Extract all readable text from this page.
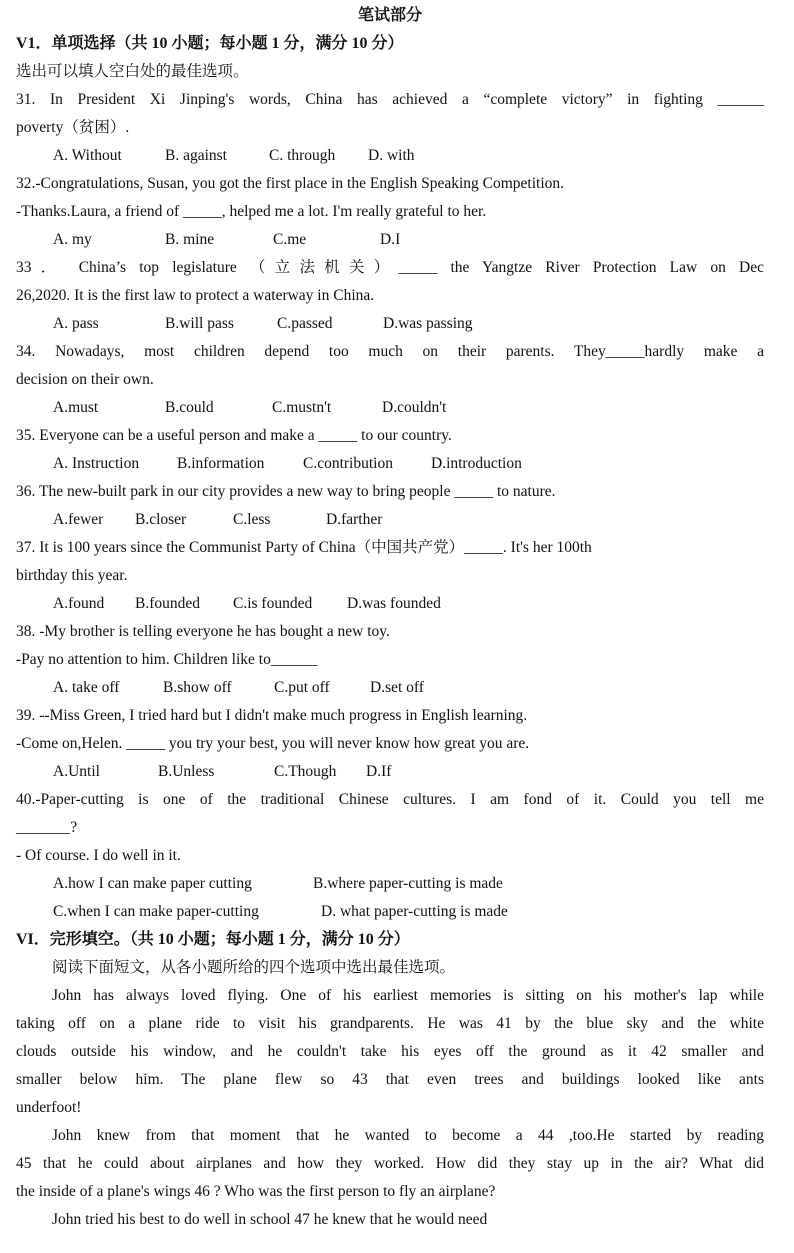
笔试部分
V1．单项选择（共 10 小题；每小题 1 分，满分 10 分）
选出可以填人空白处的最佳选项。
31. In President Xi Jinping's words, China has achieved a “complete victory” in fighting ______
poverty（贫困）.
A. Without	B. against	C. through D. with
32.-Congratulations, Susan, you got the first place in the English Speaking Competition.
-Thanks.Laura, a friend of _____, helped me a lot. I'm really grateful to her.
A. my	B. mine	C.me	D.I
33． China’s top legislature （立法机关）_____ the Yangtze River Protection Law on Dec
26,2020. It is the first law to protect a waterway in China.
A. pass	B.will pass	C.passed	D.was passing
34. Nowadays, most children depend too much on their parents. They_____hardly make a
decision on their own.
A.must	B.could	C.mustn't	D.couldn't
35. Everyone can be a useful person and make a _____ to our country.
A. Instruction B.information C.contribution D.introduction
36. The new-built park in our city provides a new way to bring people _____ to nature.
A.fewer B.closer	C.less	D.farther
37. It is 100 years since the Communist Party of China（中国共产党）_____. It's her 100th
birthday this year.
A.found B.founded C.is founded D.was founded
38. -My brother is telling everyone he has bought a new toy.
-Pay no attention to him. Children like to______
A. take off	B.show off	C.put off	D.set off
39. --Miss Green, I tried hard but I didn't make much progress in English learning.
-Come on,Helen. _____ you try your best, you will never know how great you are.
A.Until	B.Unless	C.Though D.If
40.-Paper-cutting is one of the traditional Chinese cultures. I am fond of it. Could you tell me
_______?
- Of course. I do well in it.
A.how I can make paper cutting	B.where paper-cutting is made
C.when I can make paper-cutting	D. what paper-cutting is made
VI．完形填空。（共 10 小题；每小题 1 分，满分 10 分）
阅读下面短文，从各小题所给的四个选项中选出最佳选项。
John has always loved flying. One of his earliest memories is sitting on his mother's lap while
taking off on a plane ride to visit his grandparents. He was 41 by the blue sky and the white
clouds outside his window, and he couldn't take his eyes off the ground as it 42 smaller and
smaller below him. The plane flew so 43 that even trees and buildings looked like ants
underfoot!
John knew from that moment that he wanted to become a 44 ,too.He started by reading
45 that he could about airplanes and how they worked. How did they stay up in the air? What did
the inside of a plane's wings 46 ? Who was the first person to fly an airplane?
John tried his best to do well in school 47 he knew that he would need
